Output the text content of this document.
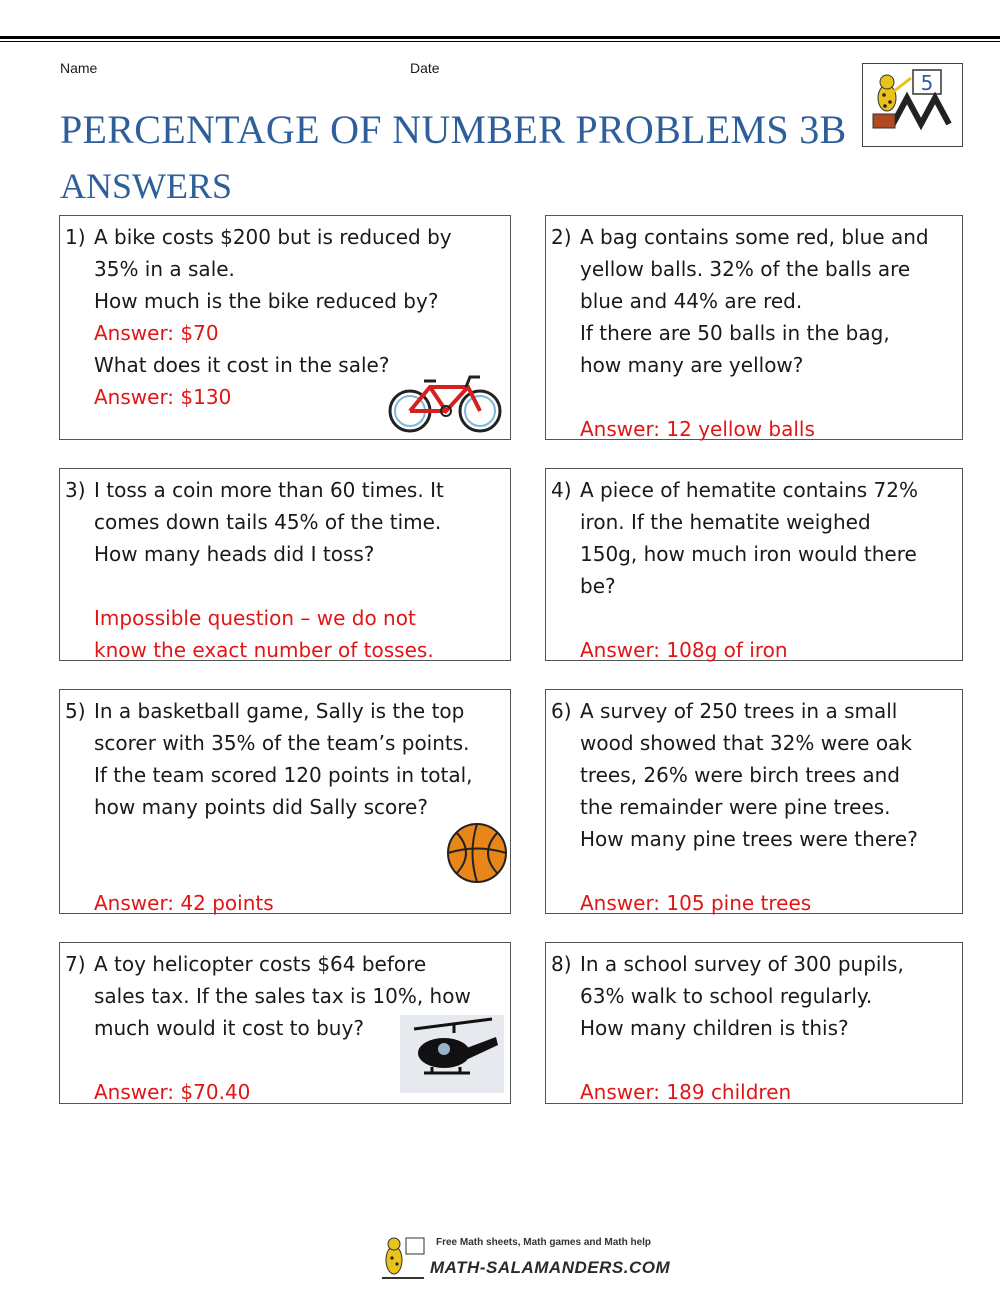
Name	Date
PERCENTAGE OF NUMBER PROBLEMS 3B
ANSWERS
5
1) A bike costs $200 but is reduced by
35% in a sale.
How much is the bike reduced by?
Answer: $70
What does it cost in the sale?
Answer: $130
2) A bag contains some red, blue and
yellow balls. 32% of the balls are
blue and 44% are red.
If there are 50 balls in the bag,
how many are yellow?
Answer: 12 yellow balls
3) I toss a coin more than 60 times. It
comes down tails 45% of the time.
How many heads did I toss?
Impossible question – we do not
know the exact number of tosses.
4) A piece of hematite contains 72%
iron. If the hematite weighed
150g, how much iron would there
be?
Answer: 108g of iron
5) In a basketball game, Sally is the top
scorer with 35% of the team’s points.
If the team scored 120 points in total,
how many points did Sally score?
Answer: 42 points
6) A survey of 250 trees in a small
wood showed that 32% were oak
trees, 26% were birch trees and
the remainder were pine trees.
How many pine trees were there?
Answer: 105 pine trees
7) A toy helicopter costs $64 before
sales tax. If the sales tax is 10%, how
much would it cost to buy?
Answer: $70.40
8) In a school survey of 300 pupils,
63% walk to school regularly.
How many children is this?
Answer: 189 children
Free Math sheets, Math games and Math help
MATH-SALAMANDERS.COM
